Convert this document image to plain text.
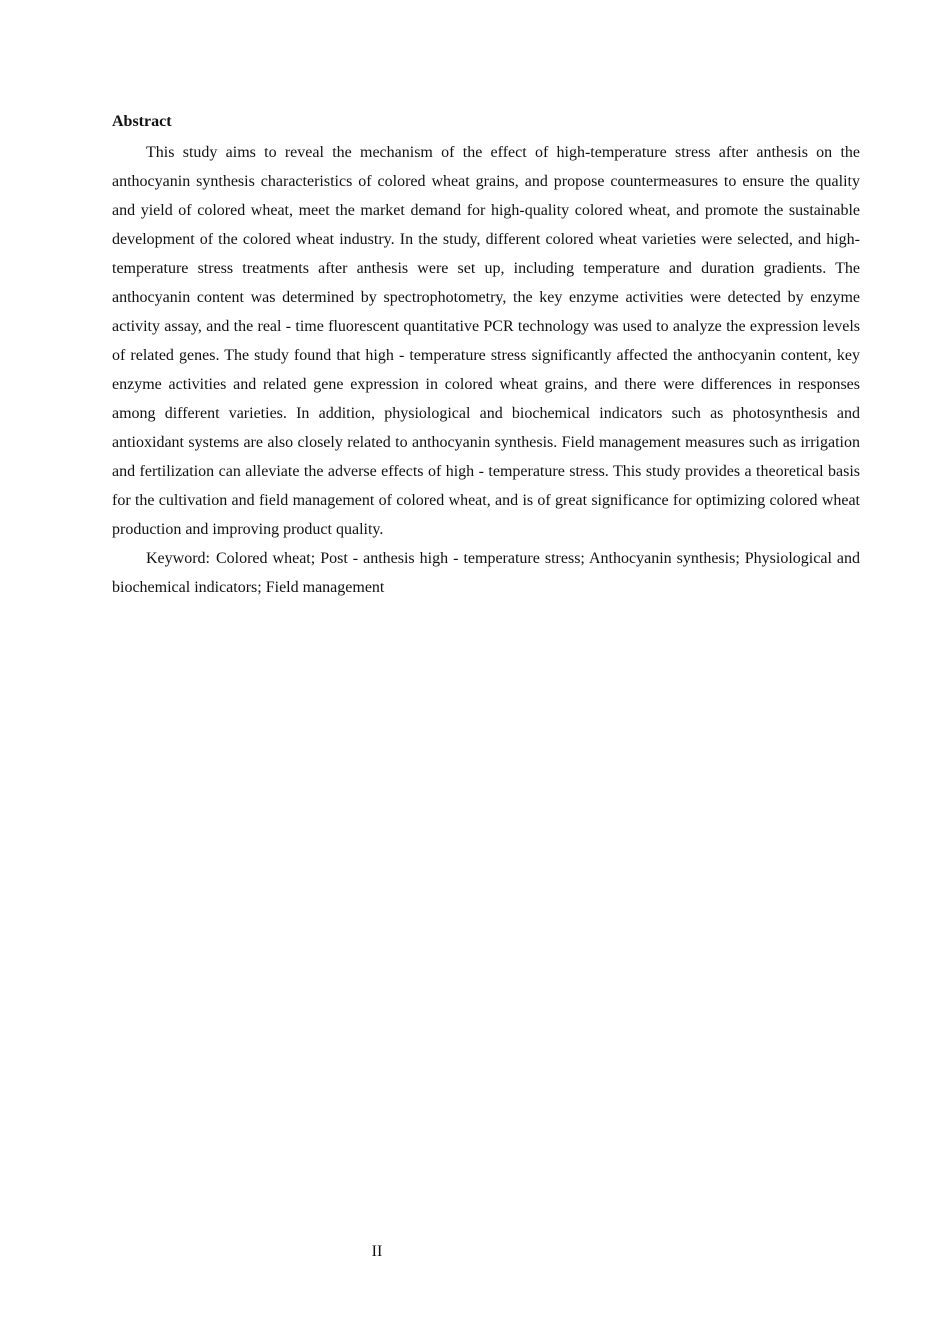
Abstract

This study aims to reveal the mechanism of the effect of high-temperature stress after anthesis on the anthocyanin synthesis characteristics of colored wheat grains, and propose countermeasures to ensure the quality and yield of colored wheat, meet the market demand for high-quality colored wheat, and promote the sustainable development of the colored wheat industry. In the study, different colored wheat varieties were selected, and high-temperature stress treatments after anthesis were set up, including temperature and duration gradients. The anthocyanin content was determined by spectrophotometry, the key enzyme activities were detected by enzyme activity assay, and the real - time fluorescent quantitative PCR technology was used to analyze the expression levels of related genes. The study found that high - temperature stress significantly affected the anthocyanin content, key enzyme activities and related gene expression in colored wheat grains, and there were differences in responses among different varieties. In addition, physiological and biochemical indicators such as photosynthesis and antioxidant systems are also closely related to anthocyanin synthesis. Field management measures such as irrigation and fertilization can alleviate the adverse effects of high - temperature stress. This study provides a theoretical basis for the cultivation and field management of colored wheat, and is of great significance for optimizing colored wheat production and improving product quality.

Keyword: Colored wheat; Post - anthesis high - temperature stress; Anthocyanin synthesis; Physiological and biochemical indicators; Field management

II
